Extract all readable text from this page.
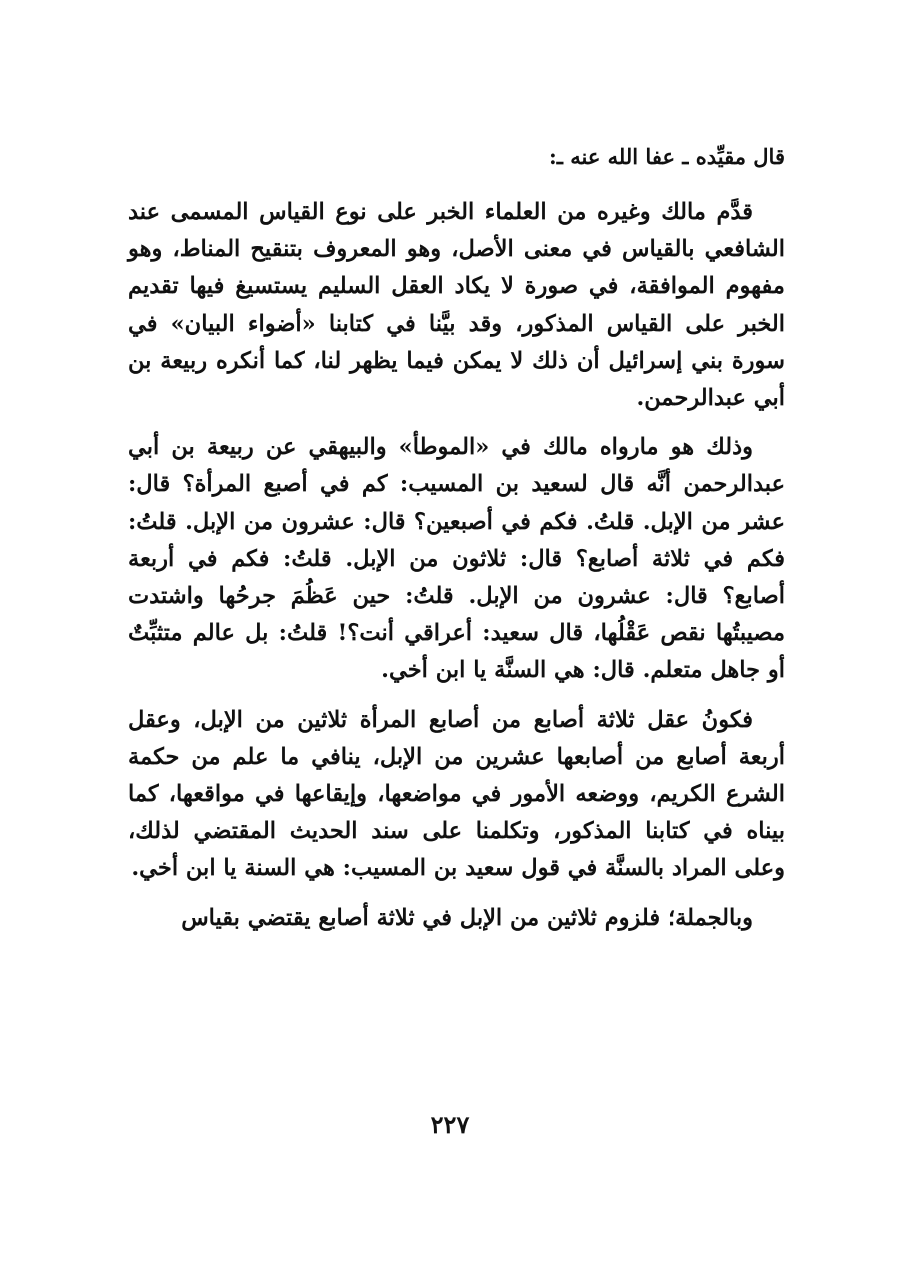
قال مقيِّده ـ عفا الله عنه ـ:

قدَّم مالك وغيره من العلماء الخبر على نوع القياس المسمى عند الشافعي بالقياس في معنى الأصل، وهو المعروف بتنقيح المناط، وهو مفهوم الموافقة، في صورة لا يكاد العقل السليم يستسيغ فيها تقديم الخبر على القياس المذكور، وقد بيَّنا في كتابنا «أضواء البيان» في سورة بني إسرائيل أن ذلك لا يمكن فيما يظهر لنا، كما أنكره ربيعة بن أبي عبدالرحمن.

وذلك هو مارواه مالك في «الموطأ» والبيهقي عن ربيعة بن أبي عبدالرحمن أنَّه قال لسعيد بن المسيب: كم في أصبع المرأة؟ قال: عشر من الإبل. قلتُ. فكم في أصبعين؟ قال: عشرون من الإبل. قلتُ: فكم في ثلاثة أصابع؟ قال: ثلاثون من الإبل. قلتُ: فكم في أربعة أصابع؟ قال: عشرون من الإبل. قلتُ: حين عَظُمَ جرحُها واشتدت مصيبتُها نقص عَقْلُها، قال سعيد: أعراقي أنت؟! قلتُ: بل عالم متثبِّتٌ أو جاهل متعلم. قال: هي السنَّة يا ابن أخي.

فكونُ عقل ثلاثة أصابع من أصابع المرأة ثلاثين من الإبل، وعقل أربعة أصابع من أصابعها عشرين من الإبل، ينافي ما علم من حكمة الشرع الكريم، ووضعه الأمور في مواضعها، وإيقاعها في مواقعها، كما بيناه في كتابنا المذكور، وتكلمنا على سند الحديث المقتضي لذلك، وعلى المراد بالسنَّة في قول سعيد بن المسيب: هي السنة يا ابن أخي.

وبالجملة؛ فلزوم ثلاثين من الإبل في ثلاثة أصابع يقتضي بقياس

٢٢٧
